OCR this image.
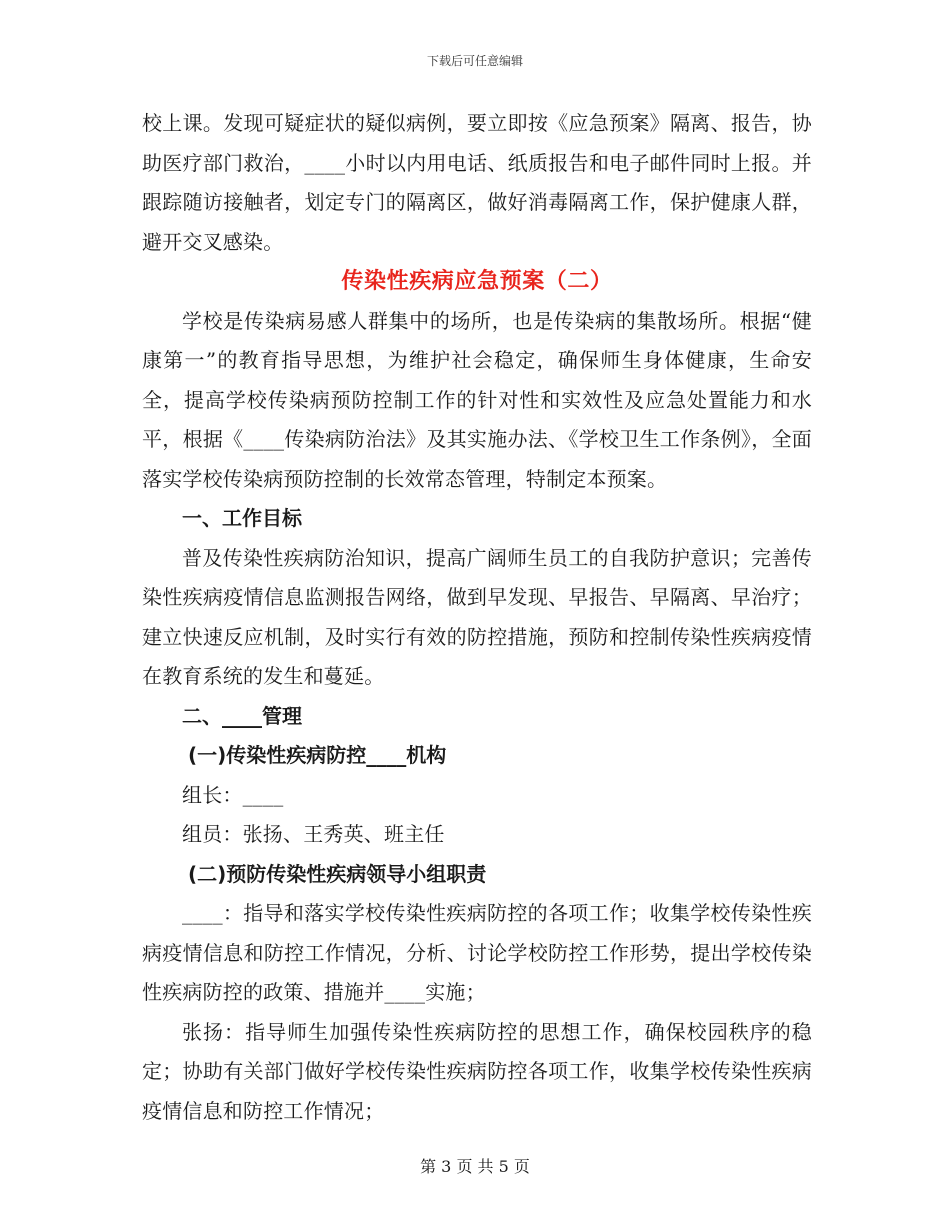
下载后可任意编辑

校上课。发现可疑症状的疑似病例，要立即按《应急预案》隔离、报告，协助医疗部门救治，____小时以内用电话、纸质报告和电子邮件同时上报。并跟踪随访接触者，划定专门的隔离区，做好消毒隔离工作，保护健康人群，避开交叉感染。

传染性疾病应急预案（二）

学校是传染病易感人群集中的场所，也是传染病的集散场所。根据“健康第一”的教育指导思想，为维护社会稳定，确保师生身体健康，生命安全，提高学校传染病预防控制工作的针对性和实效性及应急处置能力和水平，根据《____传染病防治法》及其实施办法、《学校卫生工作条例》，全面落实学校传染病预防控制的长效常态管理，特制定本预案。

一、工作目标

普及传染性疾病防治知识，提高广阔师生员工的自我防护意识；完善传染性疾病疫情信息监测报告网络，做到早发现、早报告、早隔离、早治疗；建立快速反应机制，及时实行有效的防控措施，预防和控制传染性疾病疫情在教育系统的发生和蔓延。

二、____管理

(一)传染性疾病防控____机构

组长：____

组员：张扬、王秀英、班主任

(二)预防传染性疾病领导小组职责

____：指导和落实学校传染性疾病防控的各项工作；收集学校传染性疾病疫情信息和防控工作情况，分析、讨论学校防控工作形势，提出学校传染性疾病防控的政策、措施并____实施；

张扬：指导师生加强传染性疾病防控的思想工作，确保校园秩序的稳定；协助有关部门做好学校传染性疾病防控各项工作，收集学校传染性疾病疫情信息和防控工作情况；

第 3 页 共 5 页
